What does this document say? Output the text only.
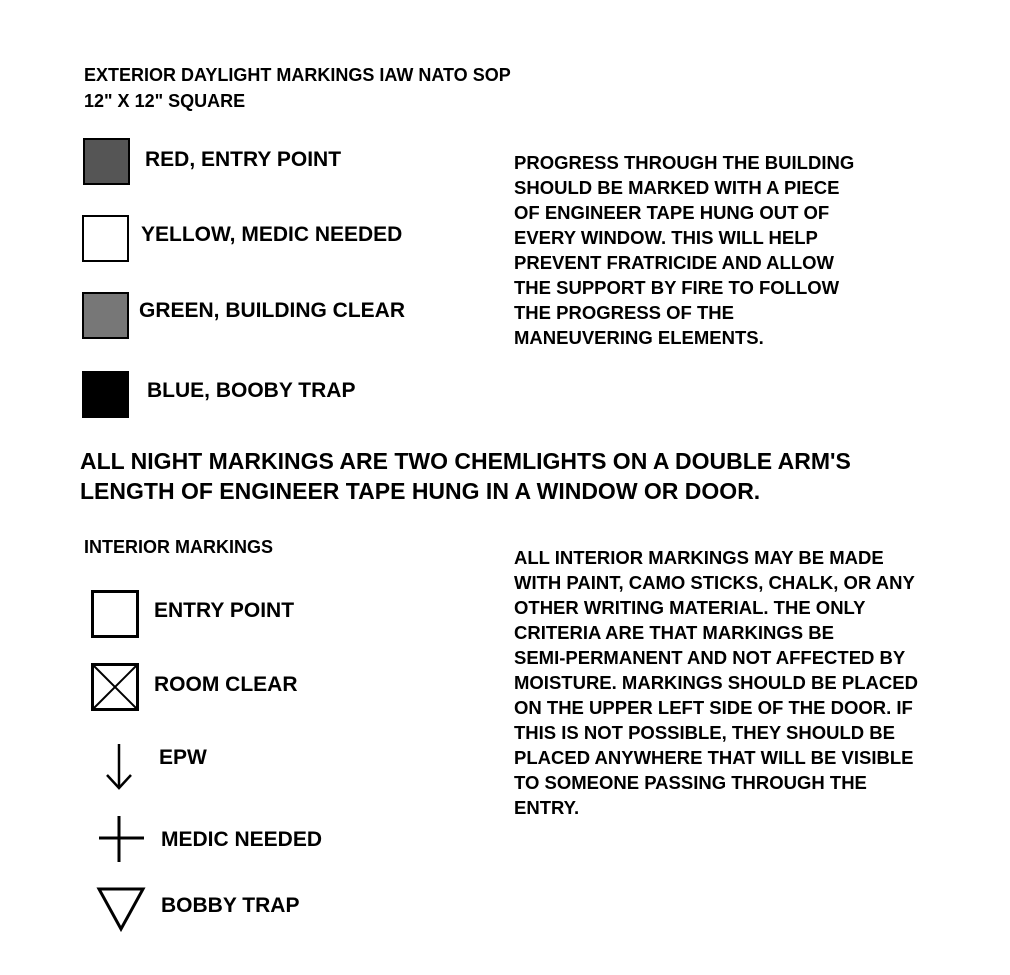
EXTERIOR DAYLIGHT MARKINGS IAW NATO SOP
12" X 12" SQUARE
RED, ENTRY POINT
YELLOW, MEDIC NEEDED
GREEN, BUILDING CLEAR
BLUE, BOOBY TRAP
PROGRESS THROUGH THE BUILDING
SHOULD BE MARKED WITH A PIECE
OF ENGINEER TAPE HUNG OUT OF
EVERY WINDOW. THIS WILL HELP
PREVENT FRATRICIDE AND ALLOW
THE SUPPORT BY FIRE TO FOLLOW
THE PROGRESS OF THE
MANEUVERING ELEMENTS.
ALL NIGHT MARKINGS ARE TWO CHEMLIGHTS ON A DOUBLE ARM'S
LENGTH OF ENGINEER TAPE HUNG IN A WINDOW OR DOOR.
INTERIOR MARKINGS
ENTRY POINT
ROOM CLEAR
EPW
MEDIC NEEDED
BOBBY TRAP
ALL INTERIOR MARKINGS MAY BE MADE
WITH PAINT, CAMO STICKS, CHALK, OR ANY
OTHER WRITING MATERIAL. THE ONLY
CRITERIA ARE THAT MARKINGS BE
SEMI-PERMANENT AND NOT AFFECTED BY
MOISTURE. MARKINGS SHOULD BE PLACED
ON THE UPPER LEFT SIDE OF THE DOOR. IF
THIS IS NOT POSSIBLE, THEY SHOULD BE
PLACED ANYWHERE THAT WILL BE VISIBLE
TO SOMEONE PASSING THROUGH THE
ENTRY.
